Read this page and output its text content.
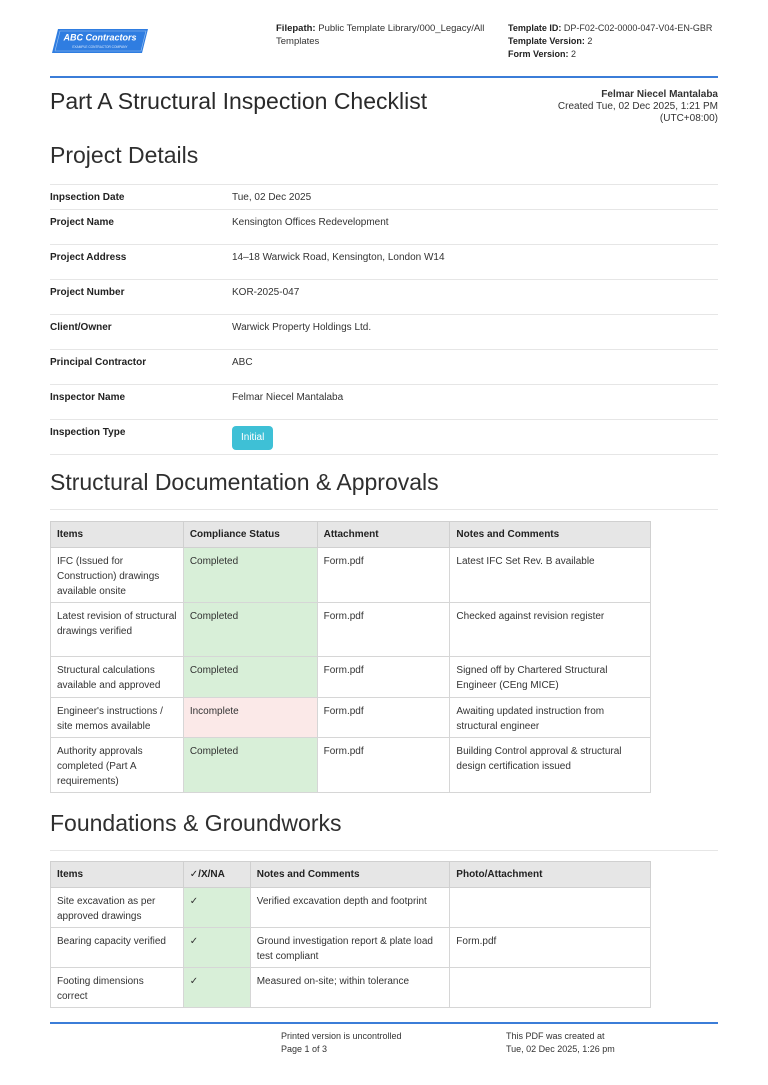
ABC Contractors
EXAMPLE CONTRACTOR COMPANY
Filepath: Public Template Library/000_Legacy/All Templates
Template ID: DP-F02-C02-0000-047-V04-EN-GBR
Template Version: 2
Form Version: 2
Part A Structural Inspection Checklist	Felmar Niecel Mantalaba
Created Tue, 02 Dec 2025, 1:21 PM
(UTC+08:00)
Project Details
Inpsection Date	Tue, 02 Dec 2025
Project Name	Kensington Offices Redevelopment
Project Address	14–18 Warwick Road, Kensington, London W14
Project Number	KOR-2025-047
Client/Owner	Warwick Property Holdings Ltd.
Principal Contractor	ABC
Inspector Name	Felmar Niecel Mantalaba
Inspection Type	Initial
Structural Documentation & Approvals
Items	Compliance Status	Attachment	Notes and Comments
IFC (Issued for Construction) drawings available onsite	Completed	Form.pdf	Latest IFC Set Rev. B available
Latest revision of structural drawings verified	Completed	Form.pdf	Checked against revision register
Structural calculations available and approved	Completed	Form.pdf	Signed off by Chartered Structural Engineer (CEng MICE)
Engineer's instructions / site memos available	Incomplete	Form.pdf	Awaiting updated instruction from structural engineer
Authority approvals completed (Part A requirements)	Completed	Form.pdf	Building Control approval & structural design certification issued
Foundations & Groundworks
Items	✓/X/NA	Notes and Comments	Photo/Attachment
Site excavation as per approved drawings	✓	Verified excavation depth and footprint	
Bearing capacity verified	✓	Ground investigation report & plate load test compliant	Form.pdf
Footing dimensions correct	✓	Measured on-site; within tolerance	
Printed version is uncontrolled
Page 1 of 3
This PDF was created at
Tue, 02 Dec 2025, 1:26 pm
